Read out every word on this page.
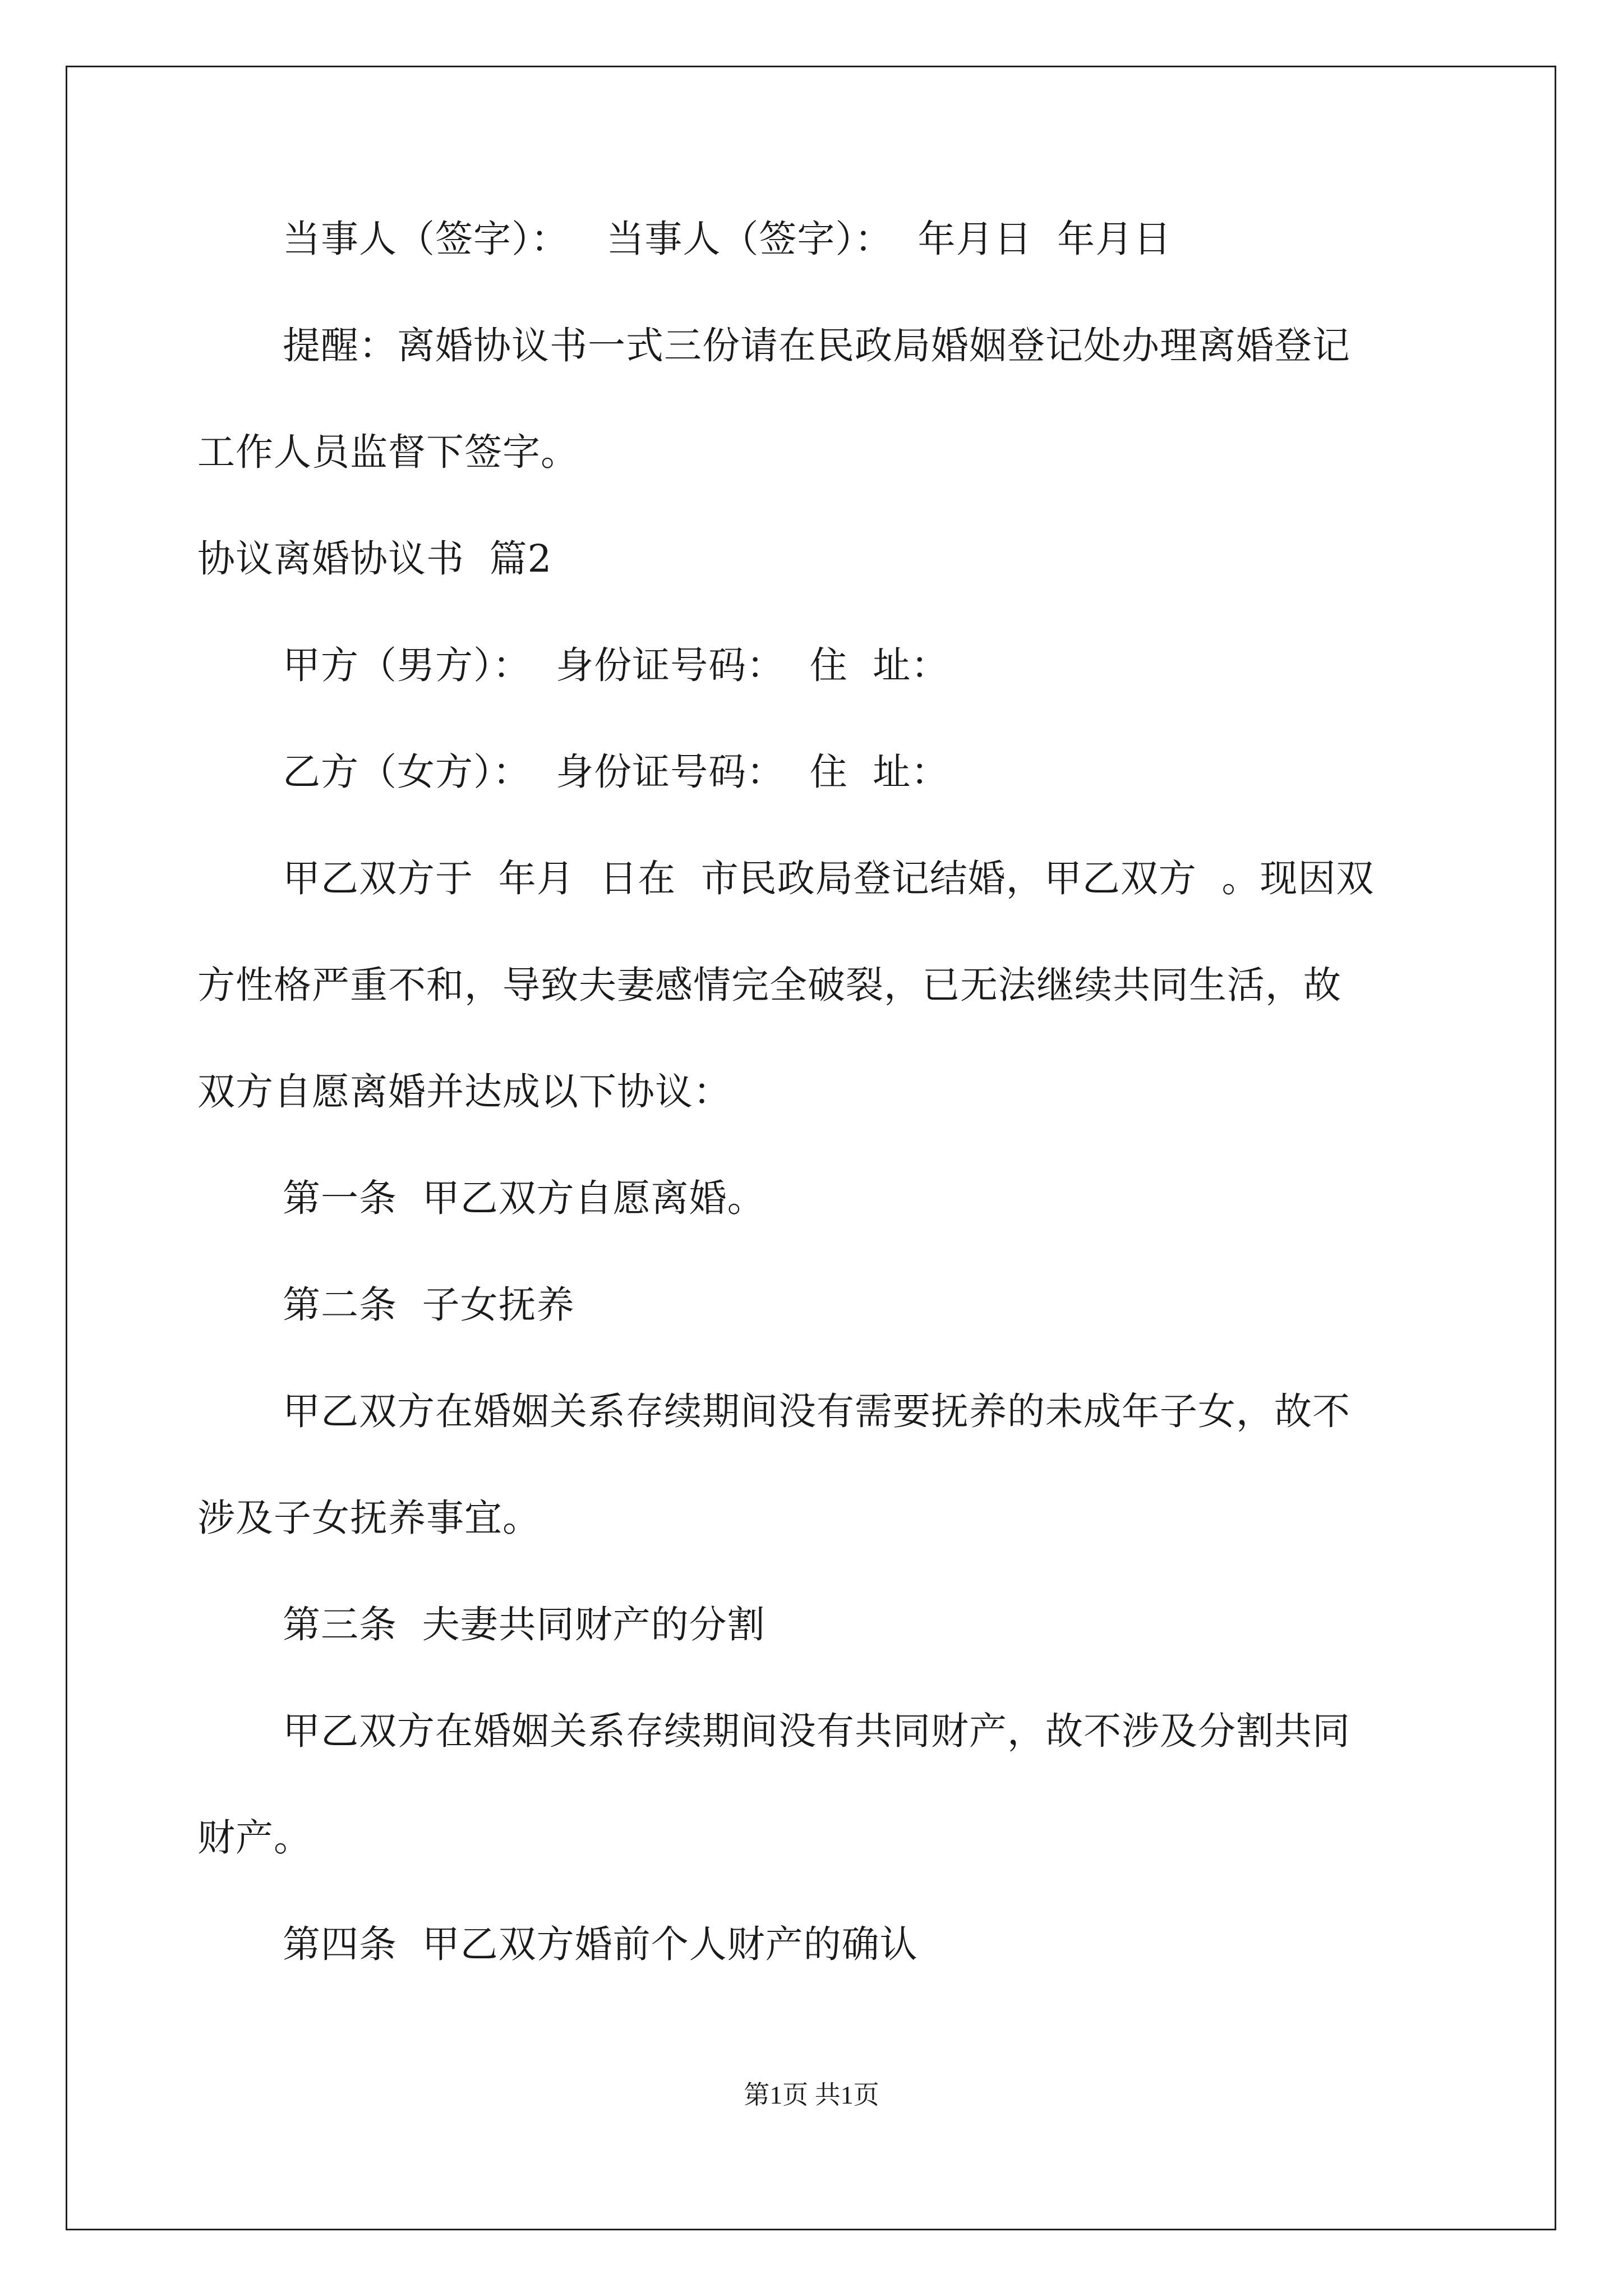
当事人（签字）：   当事人（签字）：  年月日  年月日

提醒：离婚协议书一式三份请在民政局婚姻登记处办理离婚登记

工作人员监督下签字。

协议离婚协议书  篇2

甲方（男方）：  身份证号码：  住  址：

乙方（女方）：  身份证号码：  住  址：

甲乙双方于  年月  日在  市民政局登记结婚，甲乙双方  。现因双

方性格严重不和，导致夫妻感情完全破裂，已无法继续共同生活，故

双方自愿离婚并达成以下协议：

第一条  甲乙双方自愿离婚。

第二条  子女抚养

甲乙双方在婚姻关系存续期间没有需要抚养的未成年子女，故不

涉及子女抚养事宜。

第三条  夫妻共同财产的分割

甲乙双方在婚姻关系存续期间没有共同财产，故不涉及分割共同

财产。

第四条  甲乙双方婚前个人财产的确认

第1页 共1页
